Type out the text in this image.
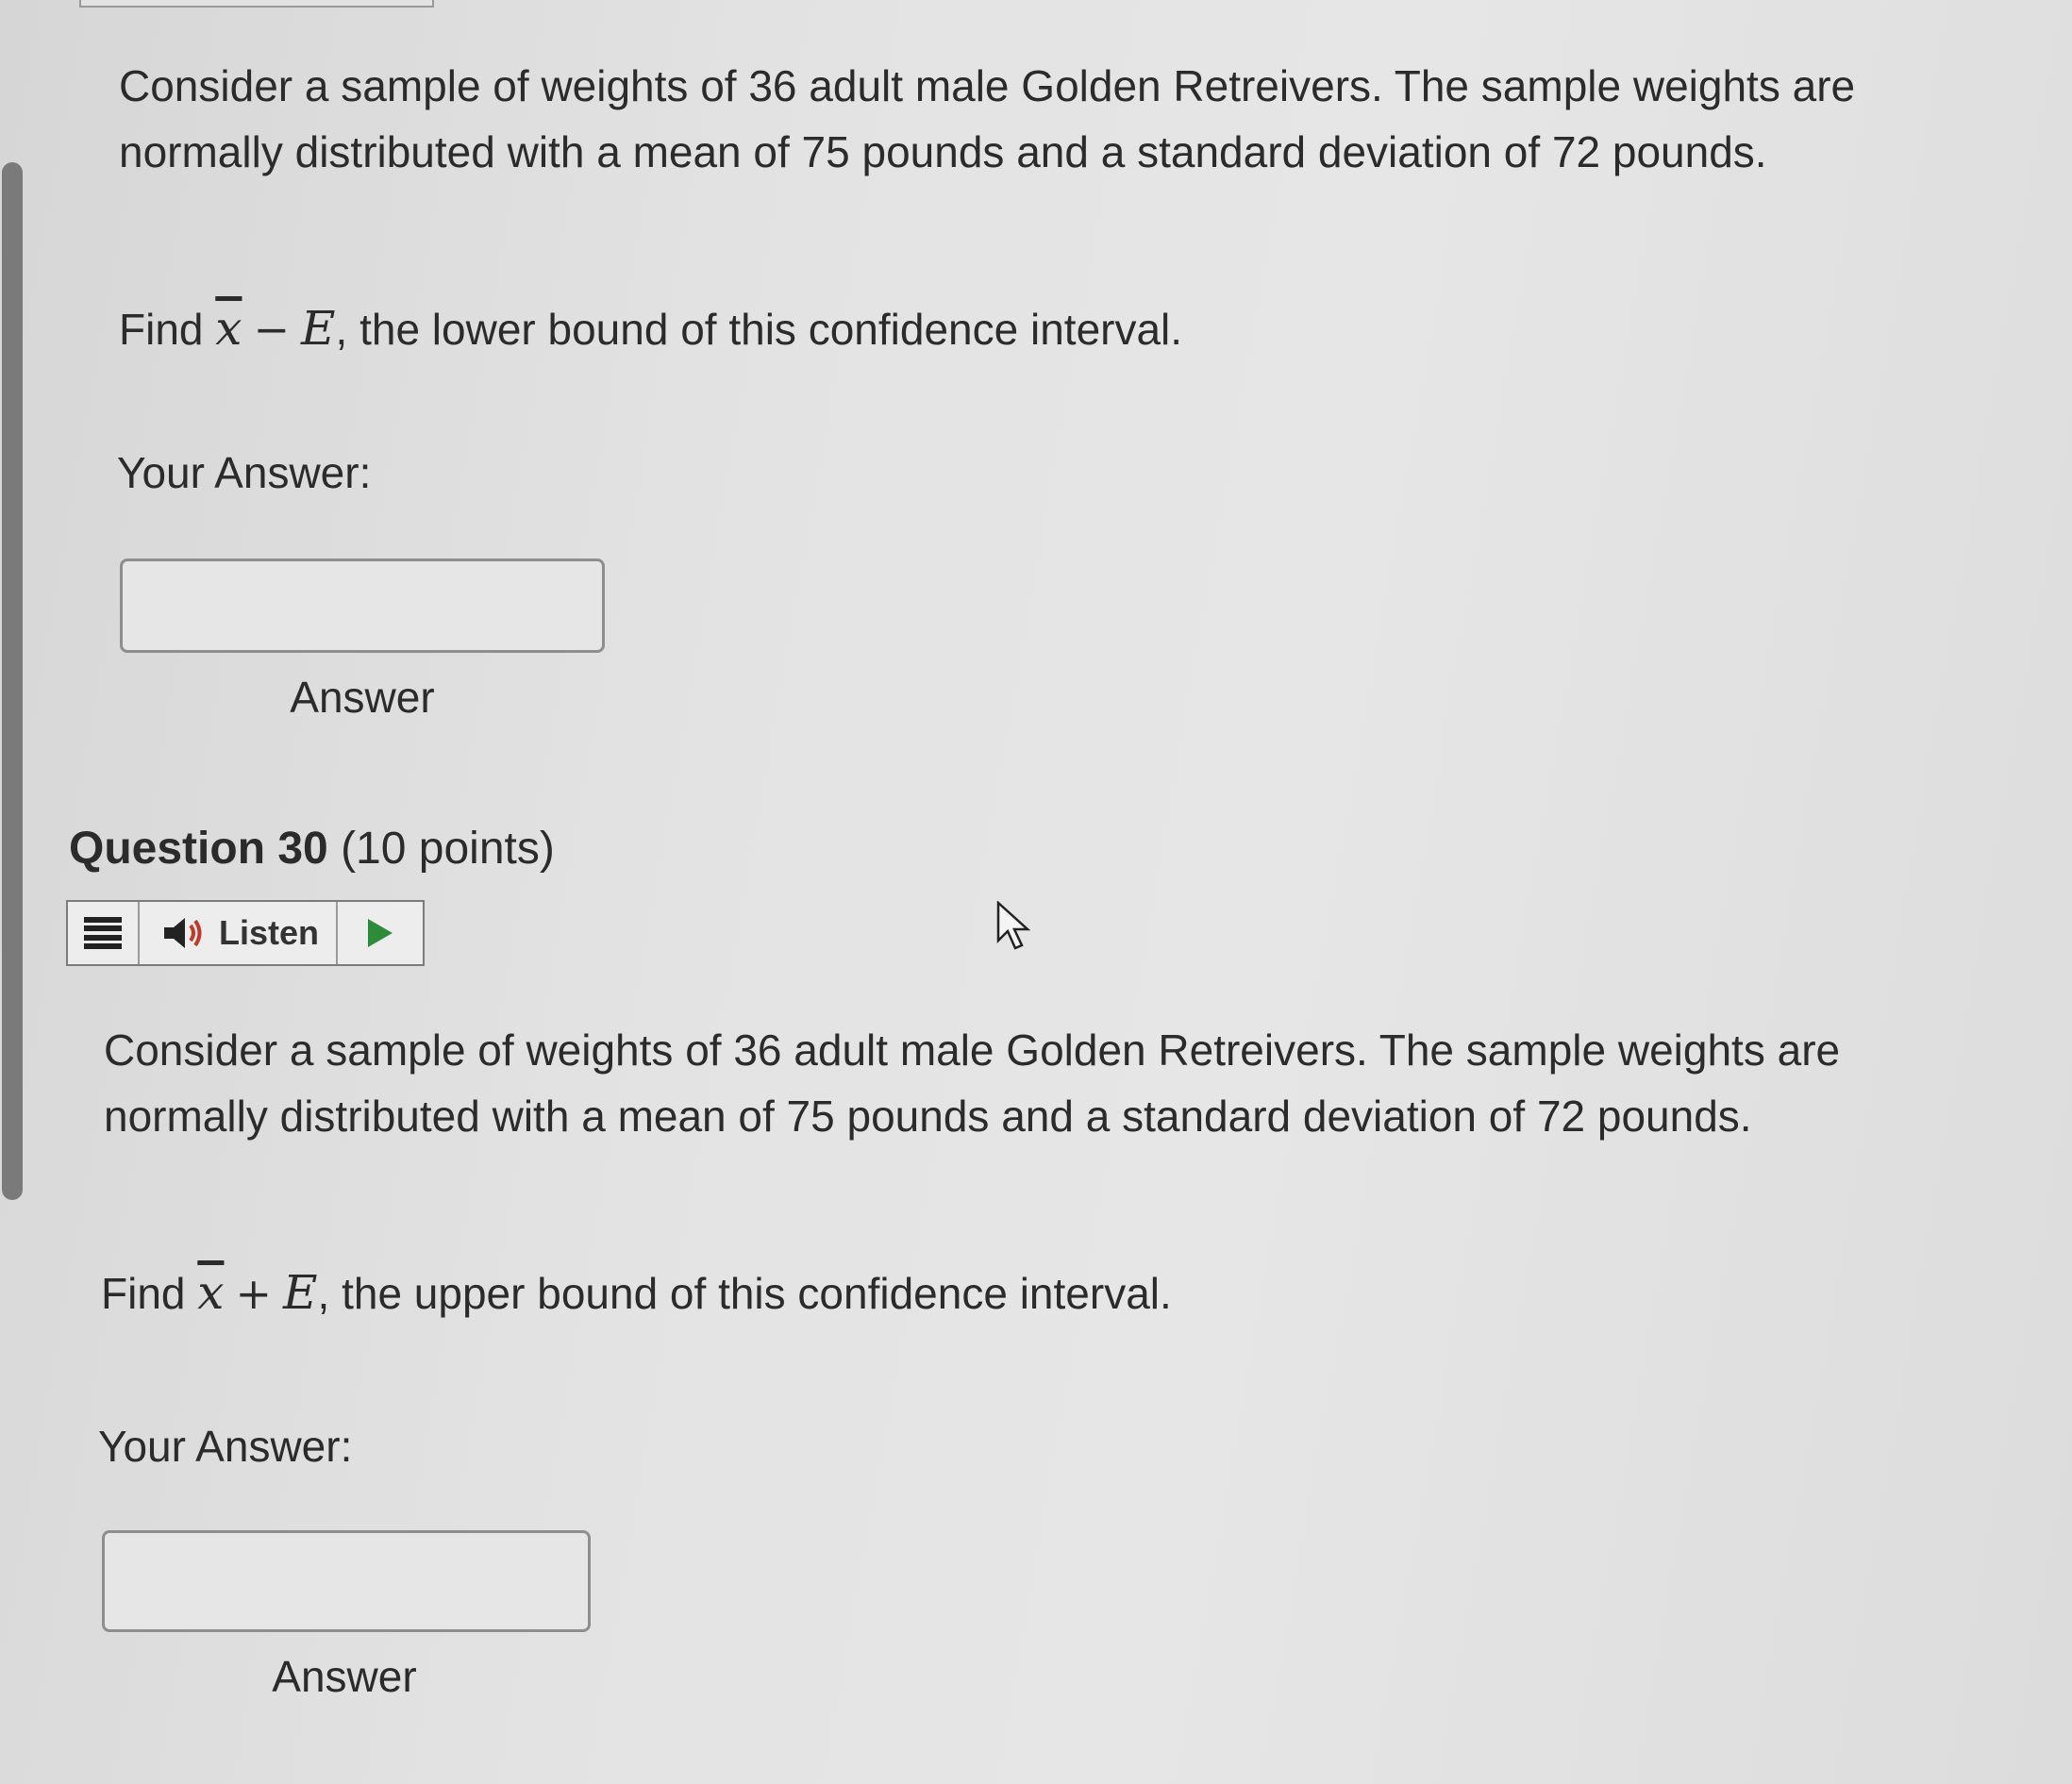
Consider a sample of weights of 36 adult male Golden Retreivers. The sample weights are normally distributed with a mean of 75 pounds and a standard deviation of 72 pounds.

Find $\overline{x} - E$, the lower bound of this confidence interval.

Your Answer:

Answer
Question 30 (10 points)
Listen

Consider a sample of weights of 36 adult male Golden Retreivers. The sample weights are normally distributed with a mean of 75 pounds and a standard deviation of 72 pounds.

Find $\overline{x} + E$, the upper bound of this confidence interval.

Your Answer:

Answer
